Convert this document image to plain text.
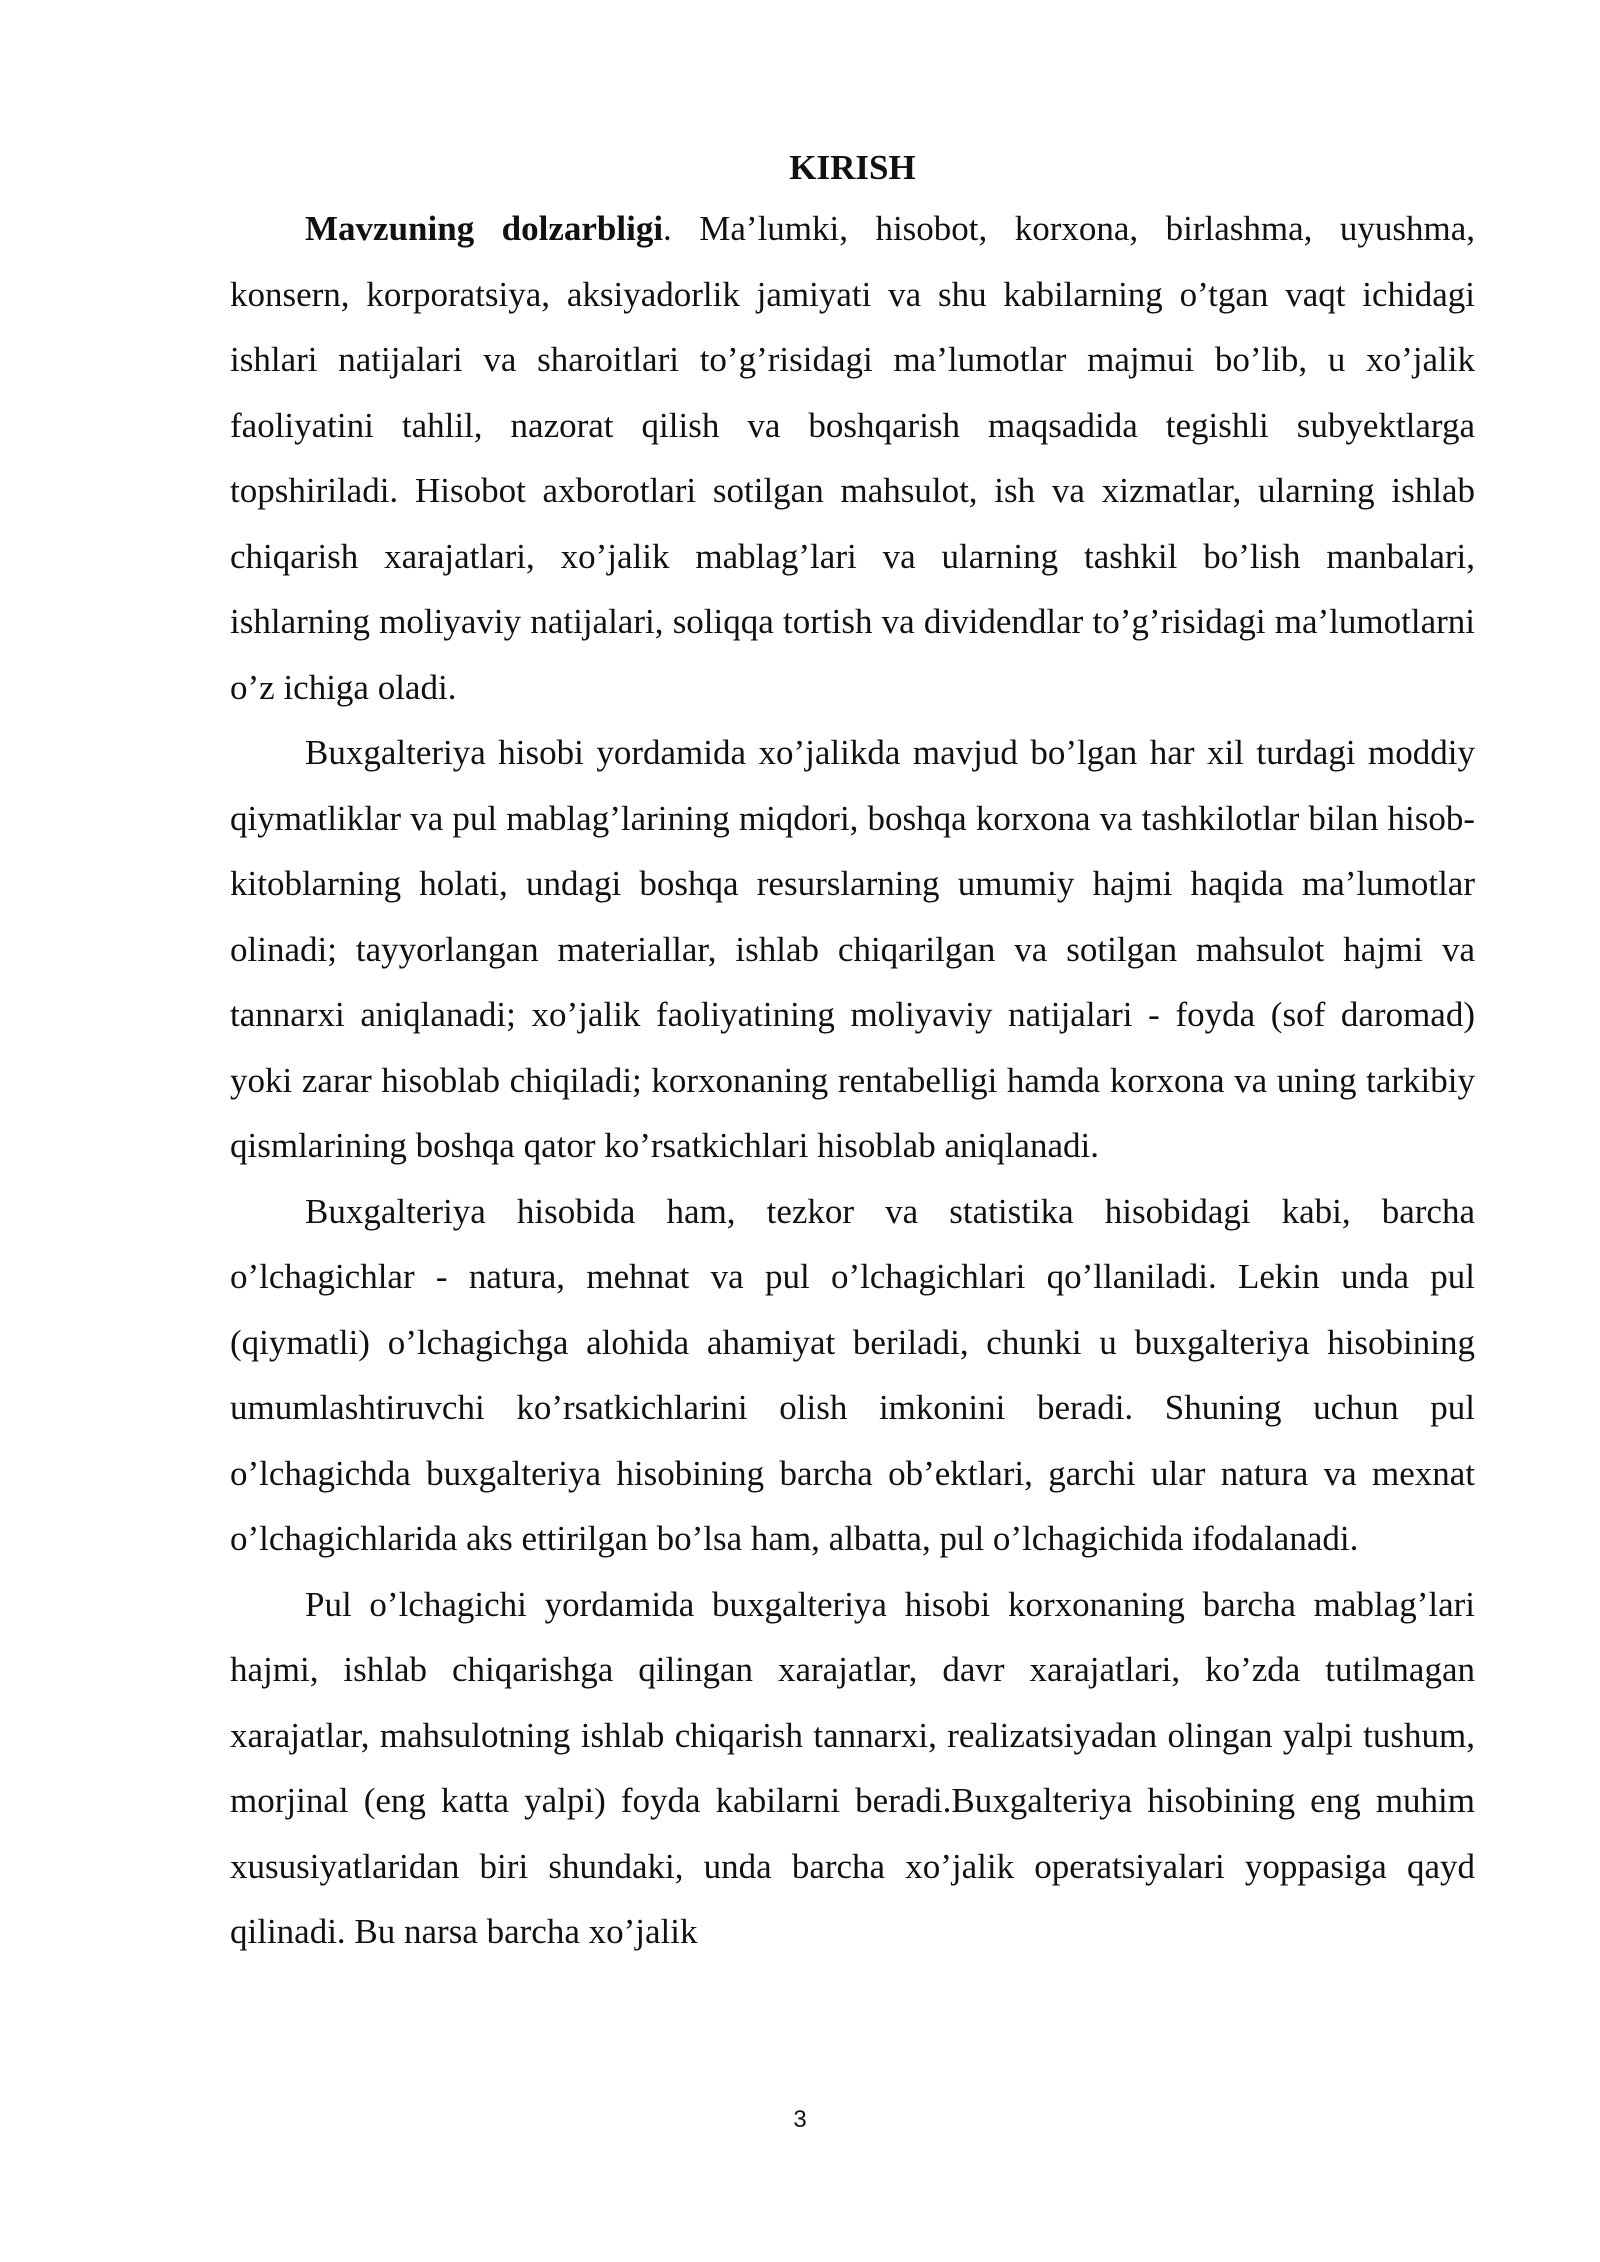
KIRISH

Mavzuning dolzarbligi. Ma’lumki, hisobot, korxona, birlashma, uyushma, konsern, korporatsiya, aksiyadorlik jamiyati va shu kabilarning o’tgan vaqt ichidagi ishlari natijalari va sharoitlari to’g’risidagi ma’lumotlar majmui bo’lib, u xo’jalik faoliyatini tahlil, nazorat qilish va boshqarish maqsadida tegishli subyektlarga topshiriladi. Hisobot axborotlari sotilgan mahsulot, ish va xizmatlar, ularning ishlab chiqarish xarajatlari, xo’jalik mablag’lari va ularning tashkil bo’lish manbalari, ishlarning moliyaviy natijalari, soliqqa tortish va dividendlar to’g’risidagi ma’lumotlarni o’z ichiga oladi.

Buxgalteriya hisobi yordamida xo’jalikda mavjud bo’lgan har xil turdagi moddiy qiymatliklar va pul mablag’larining miqdori, boshqa korxona va tashkilotlar bilan hisob-kitoblarning holati, undagi boshqa resurslarning umumiy hajmi haqida ma’lumotlar olinadi; tayyorlangan materiallar, ishlab chiqarilgan va sotilgan mahsulot hajmi va tannarxi aniqlanadi; xo’jalik faoliyatining moliyaviy natijalari - foyda (sof daromad) yoki zarar hisoblab chiqiladi; korxonaning rentabelligi hamda korxona va uning tarkibiy qismlarining boshqa qator ko’rsatkichlari hisoblab aniqlanadi.

Buxgalteriya hisobida ham, tezkor va statistika hisobidagi kabi, barcha o’lchagichlar - natura, mehnat va pul o’lchagichlari qo’llaniladi. Lekin unda pul (qiymatli) o’lchagichga alohida ahamiyat beriladi, chunki u buxgalteriya hisobining umumlashtiruvchi ko’rsatkichlarini olish imkonini beradi. Shuning uchun pul o’lchagichda buxgalteriya hisobining barcha ob’ektlari, garchi ular natura va mexnat o’lchagichlarida aks ettirilgan bo’lsa ham, albatta, pul o’lchagichida ifodalanadi.

Pul o’lchagichi yordamida buxgalteriya hisobi korxonaning barcha mablag’lari hajmi, ishlab chiqarishga qilingan xarajatlar, davr xarajatlari, ko’zda tutilmagan xarajatlar, mahsulotning ishlab chiqarish tannarxi, realizatsiyadan olingan yalpi tushum, morjinal (eng katta yalpi) foyda kabilarni beradi.Buxgalteriya hisobining eng muhim xususiyatlaridan biri shundaki, unda barcha xo’jalik operatsiyalari yoppasiga qayd qilinadi. Bu narsa barcha xo’jalik

3
